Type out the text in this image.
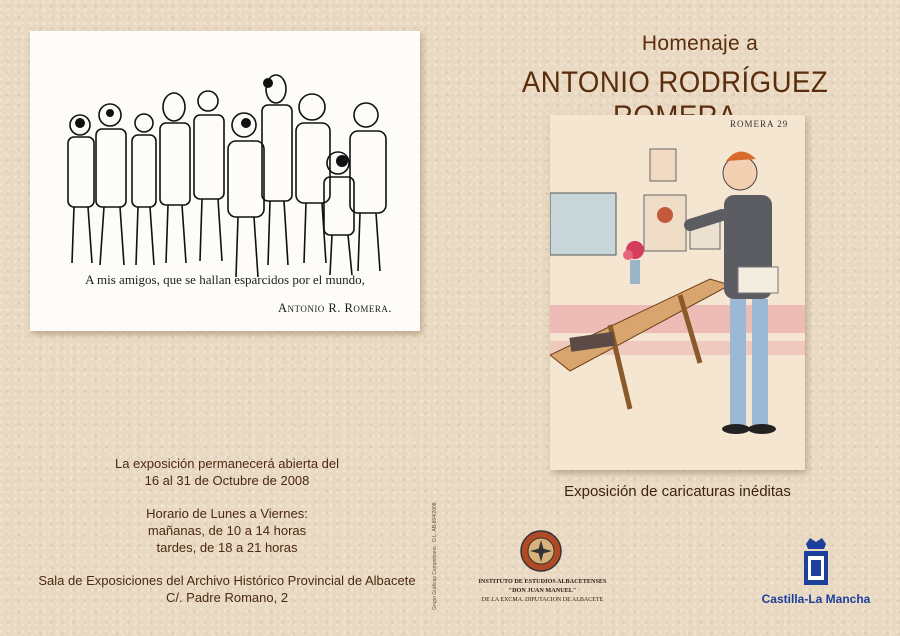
A mis amigos, que se hallan esparcidos por el mundo,
Antonio R. Romera.
Homenaje a
ANTONIO RODRÍGUEZ
ROMERA 29
Exposición de caricaturas inéditas
La exposición permanecerá abierta del
16 al 31 de Octubre de 2008
Horario de Lunes a Viernes:
mañanas, de 10 a 14 horas
tardes, de 18 a 21 horas
Sala de Exposiciones del Archivo Histórico Provincial de Albacete
C/. Padre Romano, 2	Grupo Gráficas Campobiano · D.L. AB-804/2008	INSTITUTO DE ESTUDIOS ALBACETENSES
"DON JUAN MANUEL"
DE LA EXCMA. DIPUTACION DE ALBACETE	Castilla-La Mancha
